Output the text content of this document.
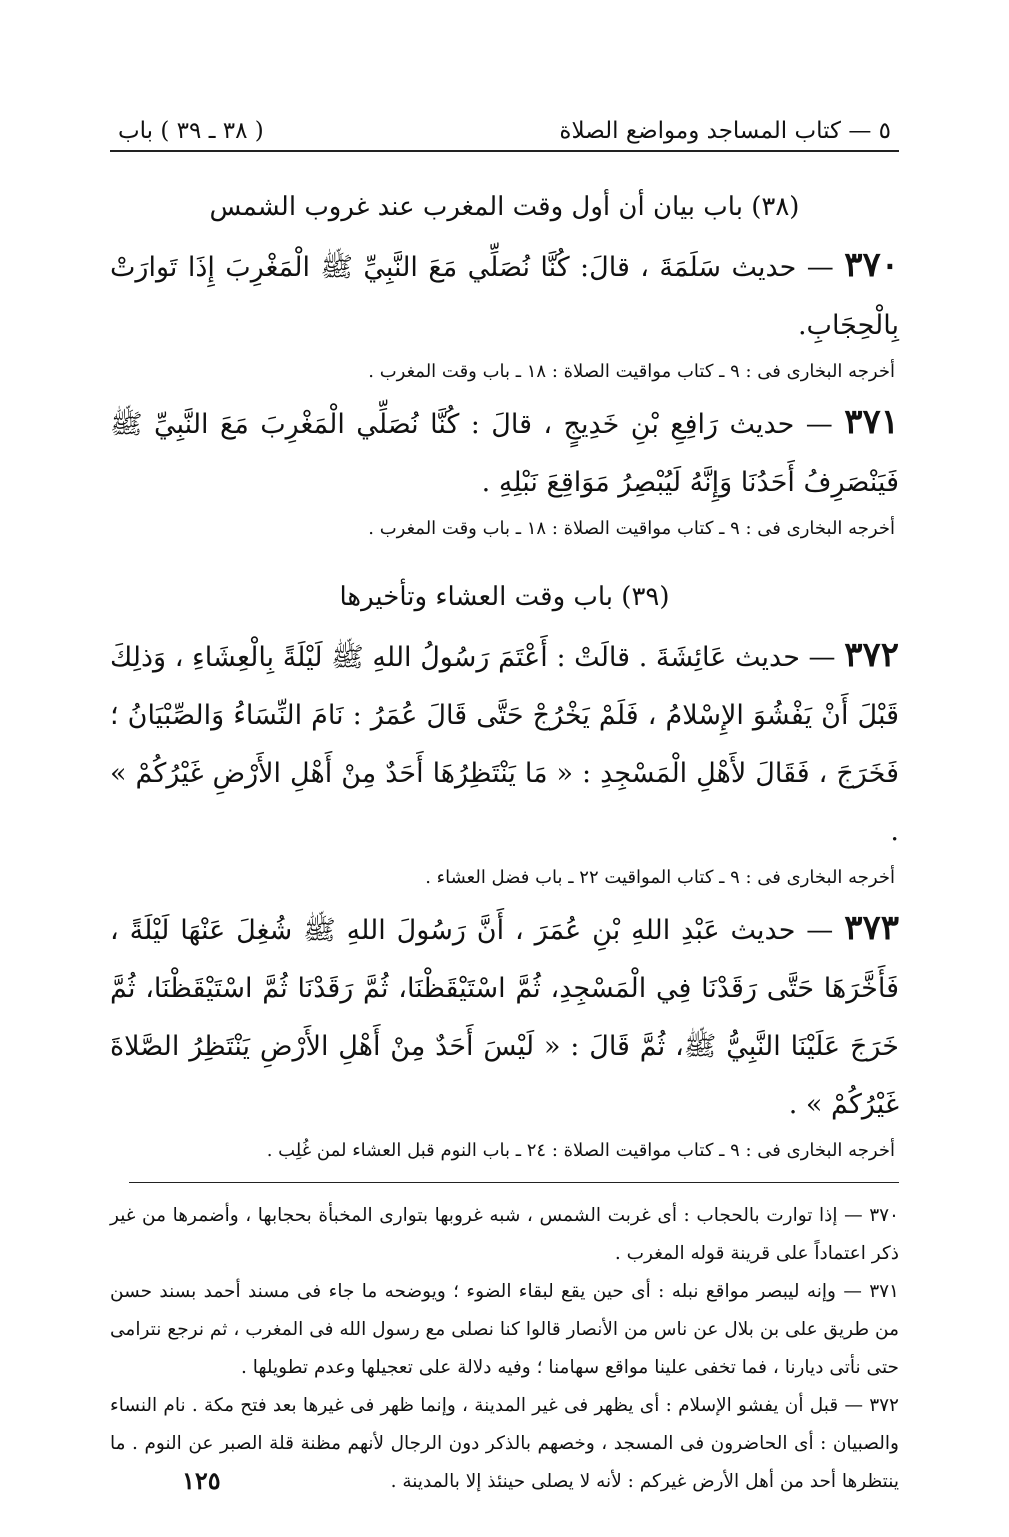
٥ — كتاب المساجد ومواضع الصلاة
( ٣٨ ـ ٣٩ ) باب
(٣٨) باب بيان أن أول وقت المغرب عند غروب الشمس

٣٧٠ — حديث سَلَمَةَ ، قالَ: كُنَّا نُصَلِّي مَعَ النَّبِيِّ ﷺ الْمَغْرِبَ إِذَا تَوارَتْ بِالْحِجَابِ.

أخرجه البخارى فى : ٩ ـ كتاب مواقيت الصلاة : ١٨ ـ باب وقت المغرب .

٣٧١ — حديث رَافِعِ بْنِ خَدِيجٍ ، قالَ : كُنَّا نُصَلِّي الْمَغْرِبَ مَعَ النَّبِيِّ ﷺ فَيَنْصَرِفُ أَحَدُنَا وَإِنَّهُ لَيُبْصِرُ مَوَاقِعَ نَبْلِهِ .

أخرجه البخارى فى : ٩ ـ كتاب مواقيت الصلاة : ١٨ ـ باب وقت المغرب .

(٣٩) باب وقت العشاء وتأخيرها

٣٧٢ — حديث عَائِشَةَ . قالَتْ : أَعْتَمَ رَسُولُ اللهِ ﷺ لَيْلَةً بِالْعِشَاءِ ، وَذلِكَ قَبْلَ أَنْ يَفْشُوَ الإِسْلامُ ، فَلَمْ يَخْرُجْ حَتَّى قَالَ عُمَرُ : نَامَ النِّسَاءُ وَالصِّبْيَانُ ؛ فَخَرَجَ ، فَقَالَ لأَهْلِ الْمَسْجِدِ : « مَا يَنْتَظِرُهَا أَحَدٌ مِنْ أَهْلِ الأَرْضِ غَيْرُكُمْ » .

أخرجه البخارى فى : ٩ ـ كتاب المواقيت ٢٢ ـ باب فضل العشاء .

٣٧٣ — حديث عَبْدِ اللهِ بْنِ عُمَرَ ، أَنَّ رَسُولَ اللهِ ﷺ شُغِلَ عَنْهَا لَيْلَةً ، فَأَخَّرَهَا حَتَّى رَقَدْنَا فِي الْمَسْجِدِ، ثُمَّ اسْتَيْقَظْنَا، ثُمَّ رَقَدْنَا ثُمَّ اسْتَيْقَظْنَا، ثُمَّ خَرَجَ عَلَيْنَا النَّبِيُّ ﷺ، ثُمَّ قَالَ : « لَيْسَ أَحَدٌ مِنْ أَهْلِ الأَرْضِ يَنْتَظِرُ الصَّلاةَ غَيْرُكُمْ » .

أخرجه البخارى فى : ٩ ـ كتاب مواقيت الصلاة : ٢٤ ـ باب النوم قبل العشاء لمن غُلِب .

٣٧٠ — إذا توارت بالحجاب : أى غربت الشمس ، شبه غروبها بتوارى المخبأة بحجابها ، وأضمرها من غير ذكر اعتماداً على قرينة قوله المغرب .

٣٧١ — وإنه ليبصر مواقع نبله : أى حين يقع لبقاء الضوء ؛ ويوضحه ما جاء فى مسند أحمد بسند حسن من طريق على بن بلال عن ناس من الأنصار قالوا كنا نصلى مع رسول الله فى المغرب ، ثم نرجع نترامى حتى نأتى ديارنا ، فما تخفى علينا مواقع سهامنا ؛ وفيه دلالة على تعجيلها وعدم تطويلها .

٣٧٢ — قبل أن يفشو الإسلام : أى يظهر فى غير المدينة ، وإنما ظهر فى غيرها بعد فتح مكة . نام النساء والصبيان : أى الحاضرون فى المسجد ، وخصهم بالذكر دون الرجال لأنهم مظنة قلة الصبر عن النوم . ما ينتظرها أحد من أهل الأرض غيركم : لأنه لا يصلى حينئذ إلا بالمدينة .

١٢٥
